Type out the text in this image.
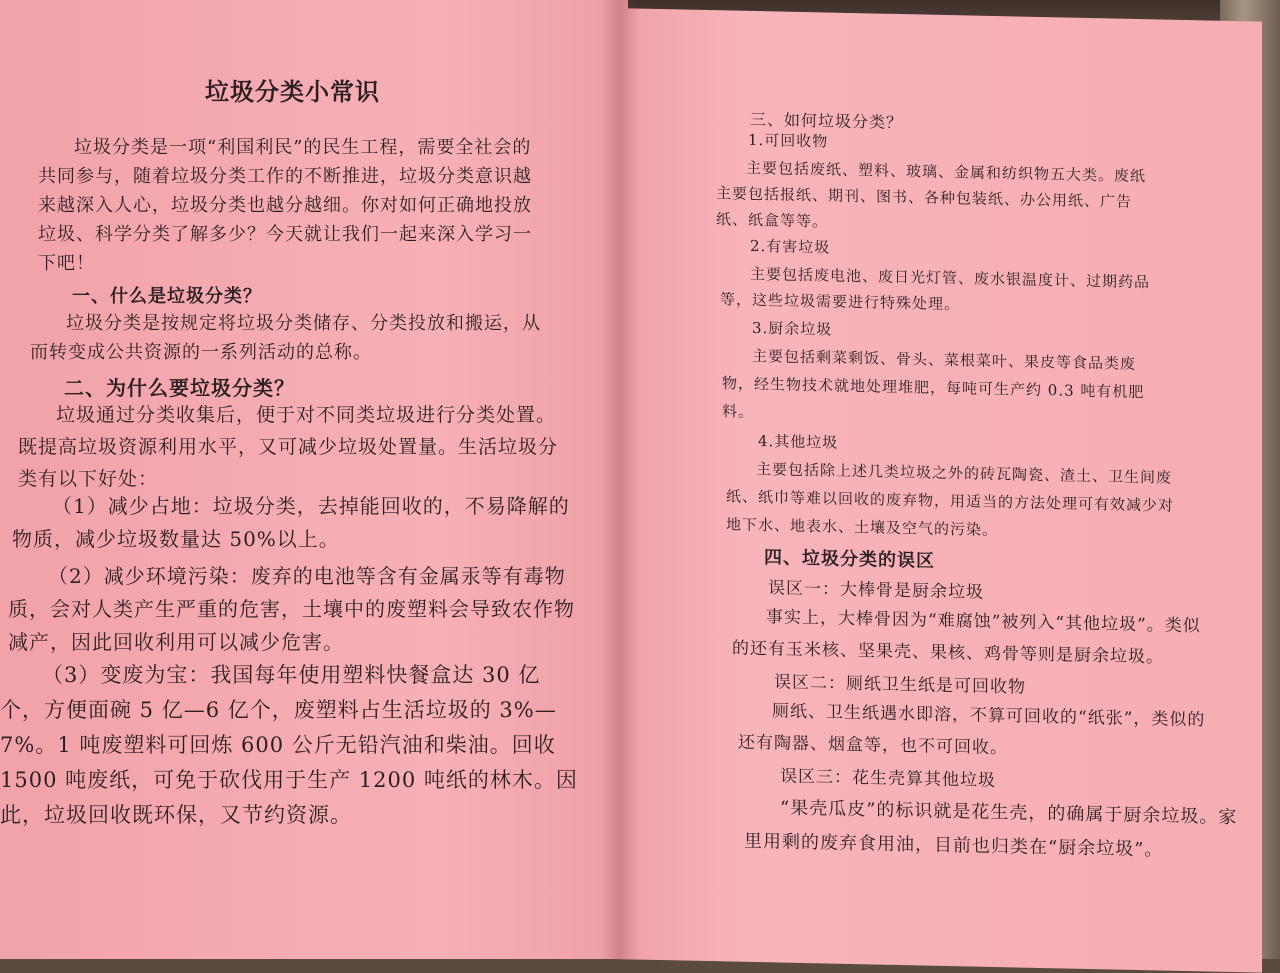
垃圾分类小常识

垃圾分类是一项“利国利民”的民生工程，需要全社会的共同参与，随着垃圾分类工作的不断推进，垃圾分类意识越来越深入人心，垃圾分类也越分越细。你对如何正确地投放垃圾、科学分类了解多少？今天就让我们一起来深入学习一下吧！

一、什么是垃圾分类？

垃圾分类是按规定将垃圾分类储存、分类投放和搬运，从而转变成公共资源的一系列活动的总称。

二、为什么要垃圾分类？

垃圾通过分类收集后，便于对不同类垃圾进行分类处置。既提高垃圾资源利用水平，又可减少垃圾处置量。生活垃圾分类有以下好处：

（1）减少占地：垃圾分类，去掉能回收的，不易降解的物质，减少垃圾数量达 50%以上。

（2）减少环境污染：废弃的电池等含有金属汞等有毒物质，会对人类产生严重的危害，土壤中的废塑料会导致农作物减产，因此回收利用可以减少危害。

（3）变废为宝：我国每年使用塑料快餐盒达 30 亿个，方便面碗 5 亿—6 亿个，废塑料占生活垃圾的 3%—7%。1 吨废塑料可回炼 600 公斤无铅汽油和柴油。回收 1500 吨废纸，可免于砍伐用于生产 1200 吨纸的林木。因此，垃圾回收既环保，又节约资源。

三、如何垃圾分类？
1.可回收物

主要包括废纸、塑料、玻璃、金属和纺织物五大类。废纸主要包括报纸、期刊、图书、各种包装纸、办公用纸、广告纸、纸盒等等。

2.有害垃圾

主要包括废电池、废日光灯管、废水银温度计、过期药品等，这些垃圾需要进行特殊处理。

3.厨余垃圾

主要包括剩菜剩饭、骨头、菜根菜叶、果皮等食品类废物，经生物技术就地处理堆肥，每吨可生产约 0.3 吨有机肥料。

4.其他垃圾

主要包括除上述几类垃圾之外的砖瓦陶瓷、渣土、卫生间废纸、纸巾等难以回收的废弃物，用适当的方法处理可有效减少对地下水、地表水、土壤及空气的污染。

四、垃圾分类的误区
误区一：大棒骨是厨余垃圾

事实上，大棒骨因为“难腐蚀”被列入“其他垃圾”。类似的还有玉米核、坚果壳、果核、鸡骨等则是厨余垃圾。

误区二：厕纸卫生纸是可回收物

厕纸、卫生纸遇水即溶，不算可回收的“纸张”，类似的还有陶器、烟盒等，也不可回收。

误区三：花生壳算其他垃圾

“果壳瓜皮”的标识就是花生壳，的确属于厨余垃圾。家里用剩的废弃食用油，目前也归类在“厨余垃圾”。
